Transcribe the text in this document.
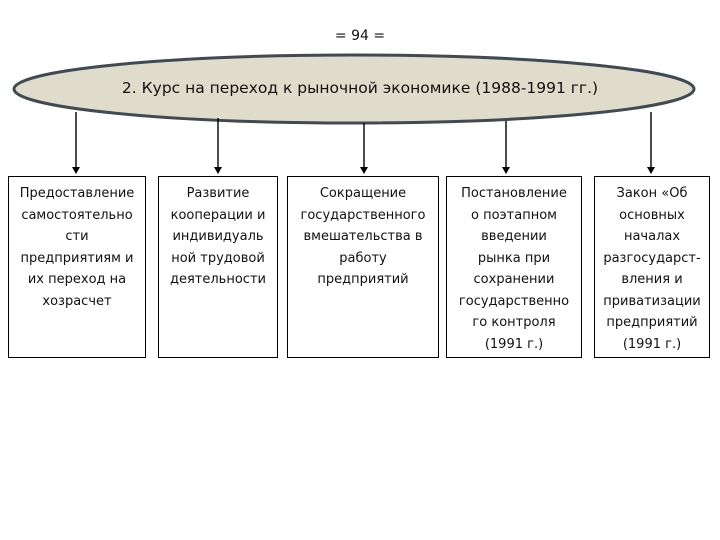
= 94 =
2. Курс на переход к рыночной экономике (1988-1991 гг.)
Предоставление
самостоятельно
сти
предприятиям и
их переход на
хозрасчет
Развитие
кооперации и
индивидуаль
ной трудовой
деятельности
Сокращение
государственного
вмешательства в
работу
предприятий
Постановление
о поэтапном
введении
рынка при
сохранении
государственно
го контроля
(1991 г.)
Закон «Об
основных
началах
разгосударст-
вления и
приватизации
предприятий
(1991 г.)
